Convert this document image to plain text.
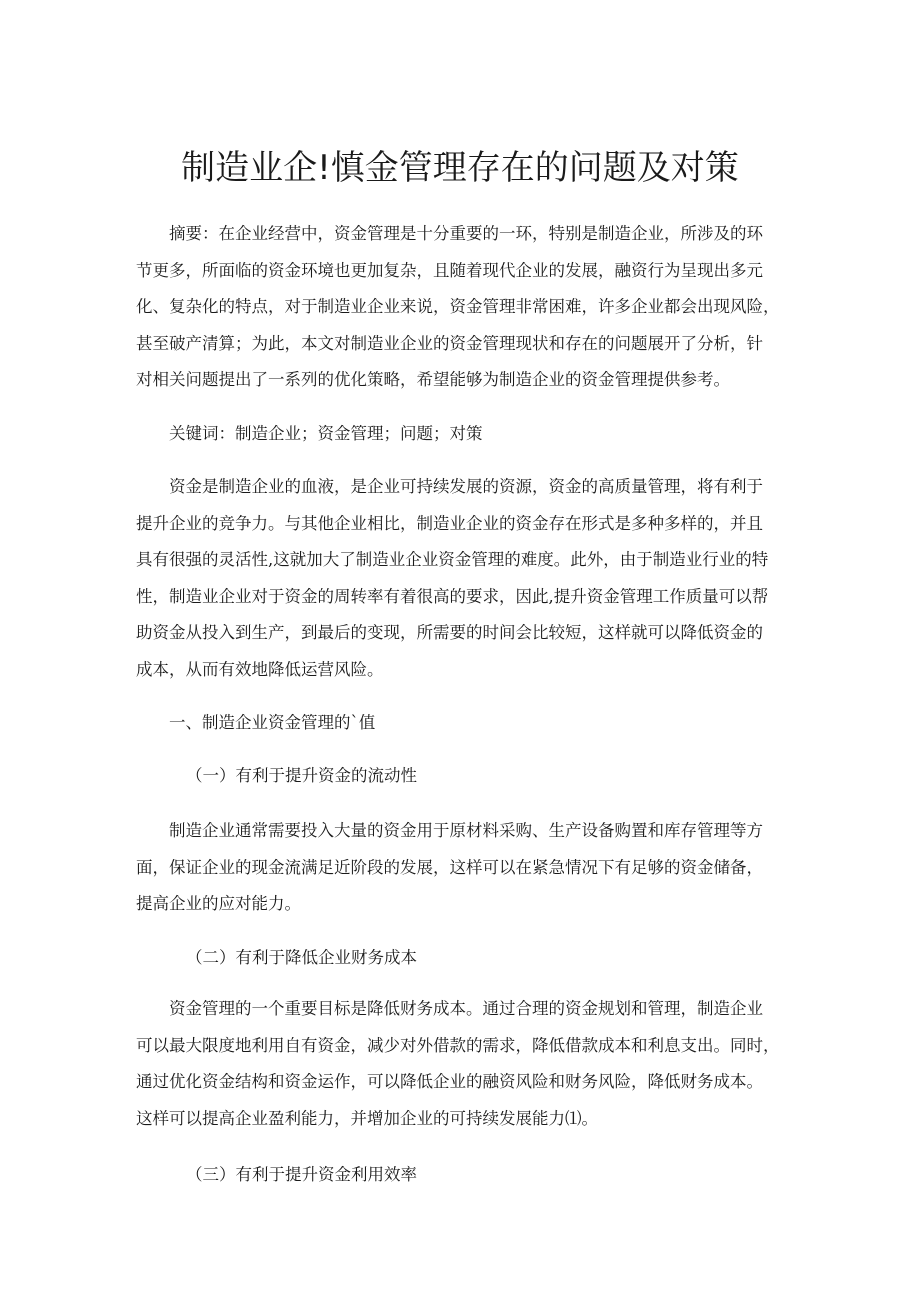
制造业企!慎金管理存在的问题及对策

摘要：在企业经营中，资金管理是十分重要的一环，特别是制造企业，所涉及的环
节更多，所面临的资金环境也更加复杂，且随着现代企业的发展，融资行为呈现出多元
化、复杂化的特点，对于制造业企业来说，资金管理非常困难，许多企业都会出现风险，
甚至破产清算；为此，本文对制造业企业的资金管理现状和存在的问题展开了分析，针
对相关问题提出了一系列的优化策略，希望能够为制造企业的资金管理提供参考。

关键词：制造企业；资金管理；问题；对策

资金是制造企业的血液，是企业可持续发展的资源，资金的高质量管理，将有利于
提升企业的竞争力。与其他企业相比，制造业企业的资金存在形式是多种多样的，并且
具有很强的灵活性,这就加大了制造业企业资金管理的难度。此外，由于制造业行业的特
性，制造业企业对于资金的周转率有着很高的要求，因此,提升资金管理工作质量可以帮
助资金从投入到生产，到最后的变现，所需要的时间会比较短，这样就可以降低资金的
成本，从而有效地降低运营风险。

一、制造企业资金管理的`值

（一）有利于提升资金的流动性

制造企业通常需要投入大量的资金用于原材料采购、生产设备购置和库存管理等方
面，保证企业的现金流满足近阶段的发展，这样可以在紧急情况下有足够的资金储备，
提高企业的应对能力。

（二）有利于降低企业财务成本

资金管理的一个重要目标是降低财务成本。通过合理的资金规划和管理，制造企业
可以最大限度地利用自有资金，减少对外借款的需求，降低借款成本和利息支出。同时，
通过优化资金结构和资金运作，可以降低企业的融资风险和财务风险，降低财务成本。
这样可以提高企业盈利能力，并增加企业的可持续发展能力⑴。

（三）有利于提升资金利用效率
